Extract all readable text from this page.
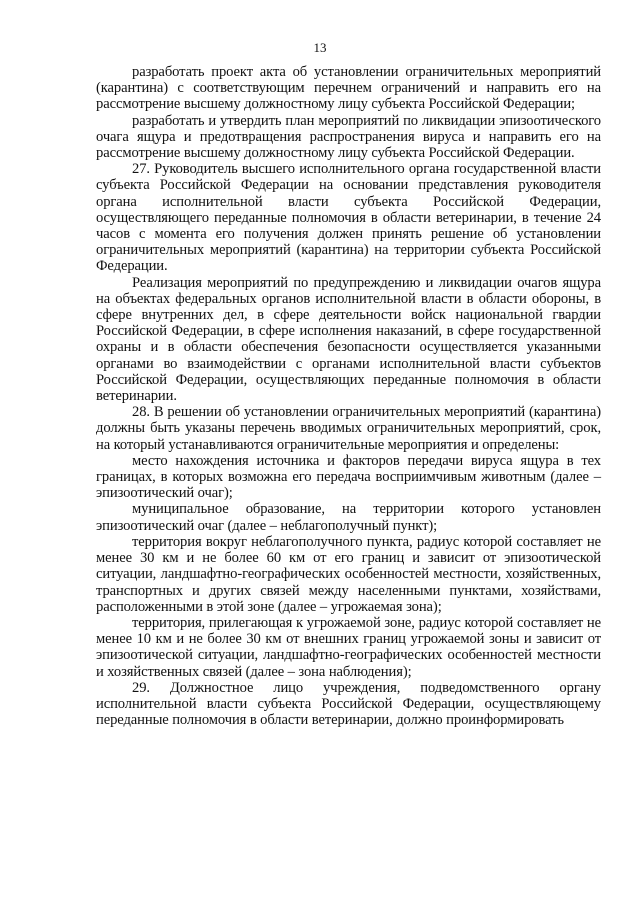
13

разработать проект акта об установлении ограничительных мероприятий (карантина) с соответствующим перечнем ограничений и направить его на рассмотрение высшему должностному лицу субъекта Российской Федерации;

разработать и утвердить план мероприятий по ликвидации эпизоотического очага ящура и предотвращения распространения вируса и направить его на рассмотрение высшему должностному лицу субъекта Российской Федерации.

27. Руководитель высшего исполнительного органа государственной власти субъекта Российской Федерации на основании представления руководителя органа исполнительной власти субъекта Российской Федерации, осуществляющего переданные полномочия в области ветеринарии, в течение 24 часов с момента его получения должен принять решение об установлении ограничительных мероприятий (карантина) на территории субъекта Российской Федерации.

Реализация мероприятий по предупреждению и ликвидации очагов ящура на объектах федеральных органов исполнительной власти в области обороны, в сфере внутренних дел, в сфере деятельности войск национальной гвардии Российской Федерации, в сфере исполнения наказаний, в сфере государственной охраны и в области обеспечения безопасности осуществляется указанными органами во взаимодействии с органами исполнительной власти субъектов Российской Федерации, осуществляющих переданные полномочия в области ветеринарии.

28. В решении об установлении ограничительных мероприятий (карантина) должны быть указаны перечень вводимых ограничительных мероприятий, срок, на который устанавливаются ограничительные мероприятия и определены:

место нахождения источника и факторов передачи вируса ящура в тех границах, в которых возможна его передача восприимчивым животным (далее – эпизоотический очаг);

муниципальное образование, на территории которого установлен эпизоотический очаг (далее – неблагополучный пункт);

территория вокруг неблагополучного пункта, радиус которой составляет не менее 30 км и не более 60 км от его границ и зависит от эпизоотической ситуации, ландшафтно-географических особенностей местности, хозяйственных, транспортных и других связей между населенными пунктами, хозяйствами, расположенными в этой зоне (далее – угрожаемая зона);

территория, прилегающая к угрожаемой зоне, радиус которой составляет не менее 10 км и не более 30 км от внешних границ угрожаемой зоны и зависит от эпизоотической ситуации, ландшафтно-географических особенностей местности и хозяйственных связей (далее – зона наблюдения);

29. Должностное лицо учреждения, подведомственного органу исполнительной власти субъекта Российской Федерации, осуществляющему переданные полномочия в области ветеринарии, должно проинформировать
